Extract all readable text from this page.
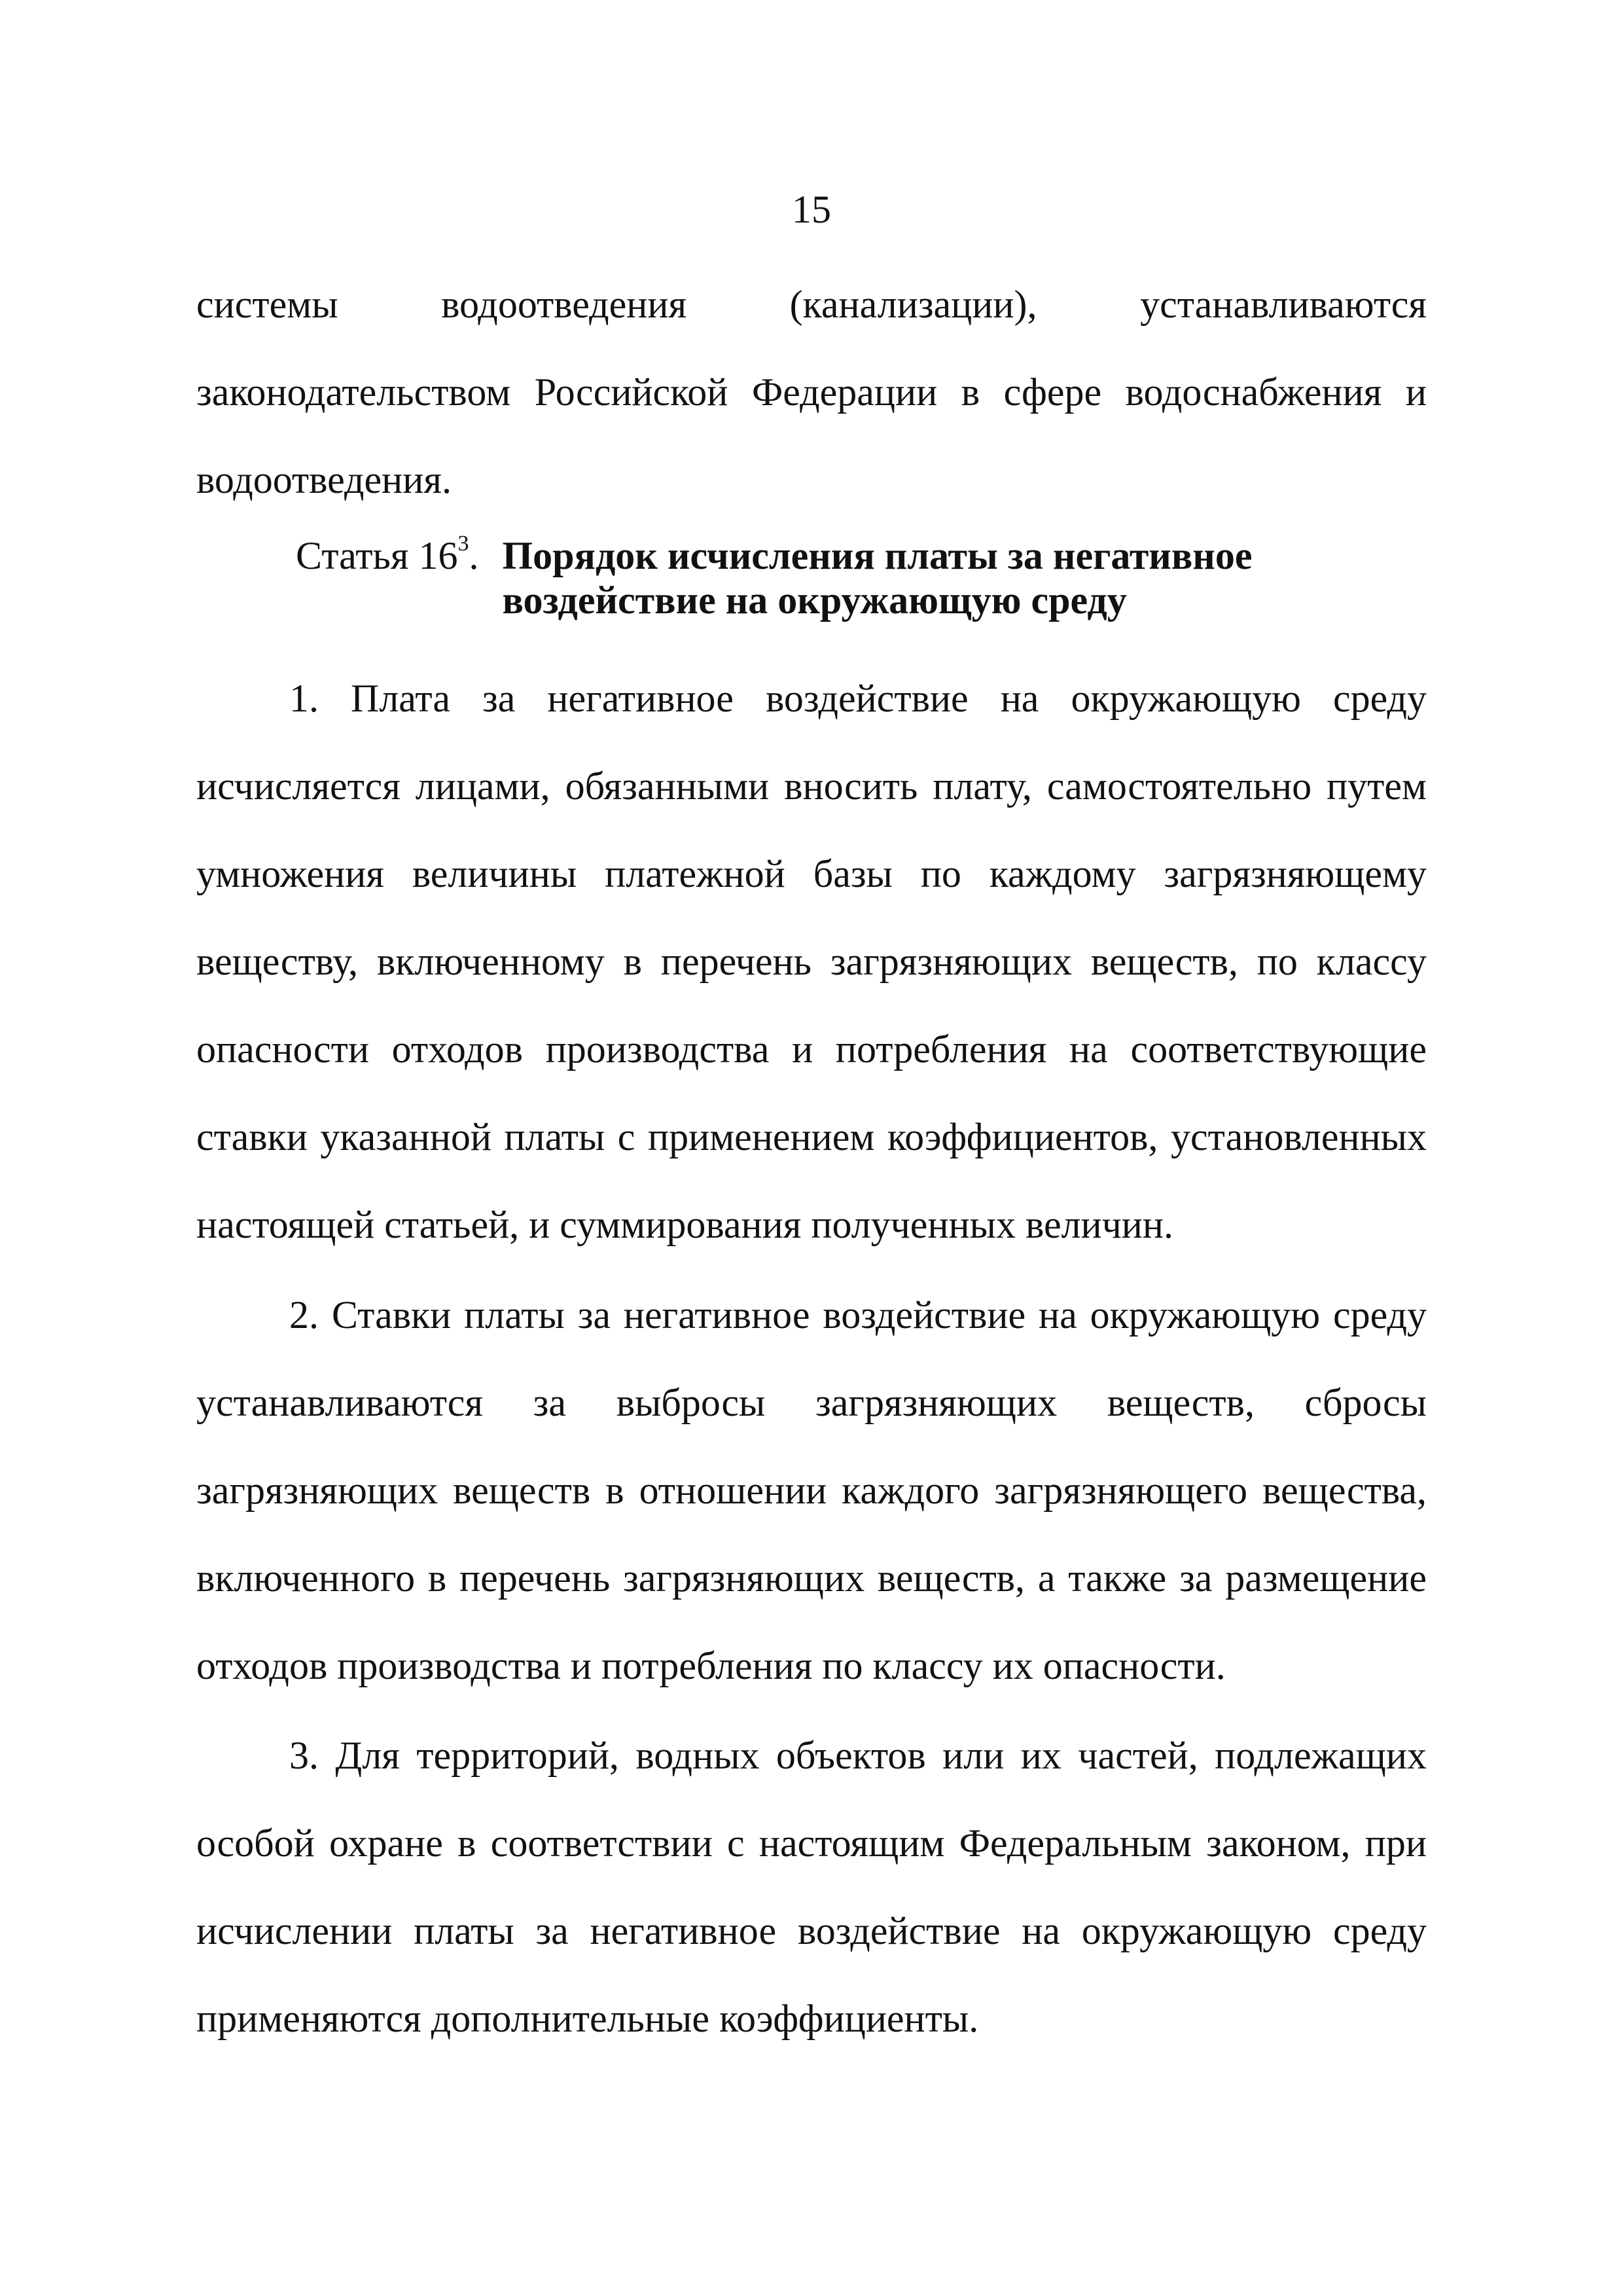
15

системы водоотведения (канализации), устанавливаются законодательством Российской Федерации в сфере водоснабжения и водоотведения.

Статья $16^3$. Порядок исчисления платы за негативное
воздействие на окружающую среду

1. Плата за негативное воздействие на окружающую среду исчисляется лицами, обязанными вносить плату, самостоятельно путем умножения величины платежной базы по каждому загрязняющему веществу, включенному в перечень загрязняющих веществ, по классу опасности отходов производства и потребления на соответствующие ставки указанной платы с применением коэффициентов, установленных настоящей статьей, и суммирования полученных величин.

2. Ставки платы за негативное воздействие на окружающую среду устанавливаются за выбросы загрязняющих веществ, сбросы загрязняющих веществ в отношении каждого загрязняющего вещества, включенного в перечень загрязняющих веществ, а также за размещение отходов производства и потребления по классу их опасности.

3. Для территорий, водных объектов или их частей, подлежащих особой охране в соответствии с настоящим Федеральным законом, при исчислении платы за негативное воздействие на окружающую среду применяются дополнительные коэффициенты.
